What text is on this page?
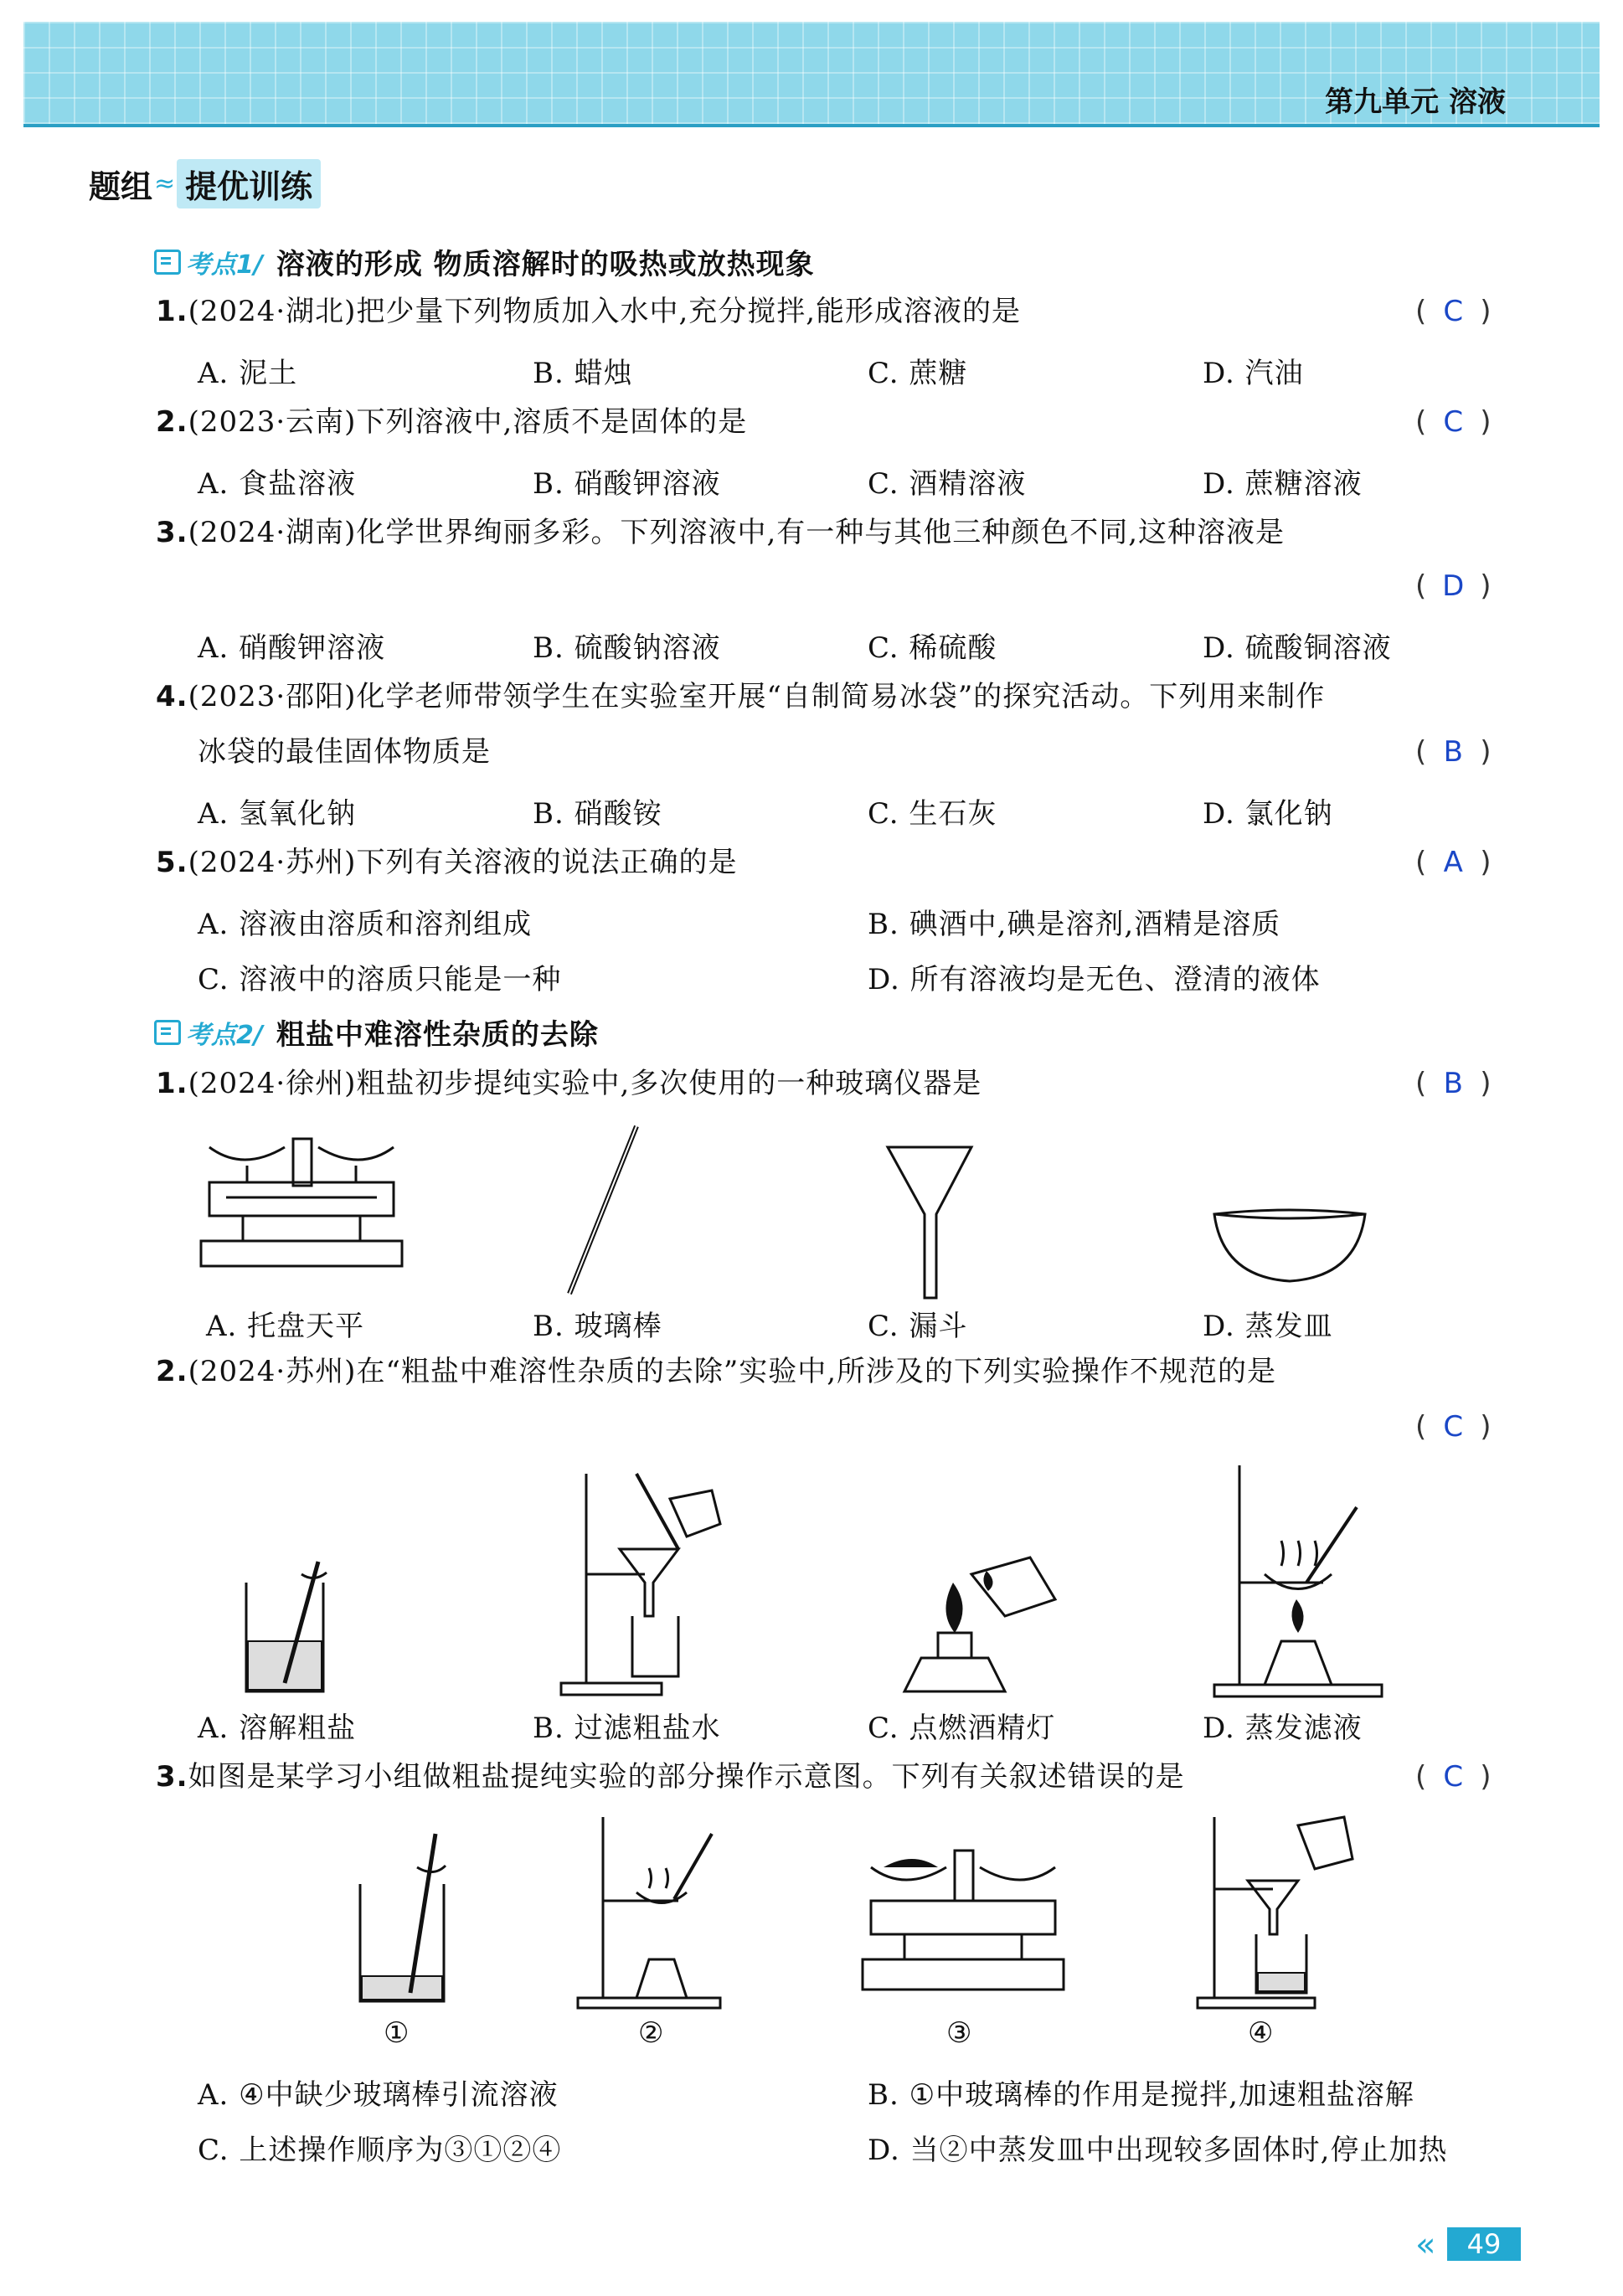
第九单元 溶液
题组 ≈ 提优训练
考点1/ 溶液的形成 物质溶解时的吸热或放热现象
1.(2024·湖北)把少量下列物质加入水中,充分搅拌,能形成溶液的是	( C )
A. 泥土	B. 蜡烛	C. 蔗糖	D. 汽油
2.(2023·云南)下列溶液中,溶质不是固体的是	( C )
A. 食盐溶液	B. 硝酸钾溶液	C. 酒精溶液	D. 蔗糖溶液
3.(2024·湖南)化学世界绚丽多彩。下列溶液中,有一种与其他三种颜色不同,这种溶液是
( D )
A. 硝酸钾溶液	B. 硫酸钠溶液	C. 稀硫酸	D. 硫酸铜溶液
4.(2023·邵阳)化学老师带领学生在实验室开展“自制简易冰袋”的探究活动。下列用来制作
冰袋的最佳固体物质是	( B )
A. 氢氧化钠	B. 硝酸铵	C. 生石灰	D. 氯化钠
5.(2024·苏州)下列有关溶液的说法正确的是	( A )
A. 溶液由溶质和溶剂组成	B. 碘酒中,碘是溶剂,酒精是溶质
C. 溶液中的溶质只能是一种	D. 所有溶液均是无色、澄清的液体
考点2/ 粗盐中难溶性杂质的去除
1.(2024·徐州)粗盐初步提纯实验中,多次使用的一种玻璃仪器是	( B )
A. 托盘天平	B. 玻璃棒	C. 漏斗	D. 蒸发皿
2.(2024·苏州)在“粗盐中难溶性杂质的去除”实验中,所涉及的下列实验操作不规范的是
( C )
A. 溶解粗盐	B. 过滤粗盐水	C. 点燃酒精灯	D. 蒸发滤液
3.如图是某学习小组做粗盐提纯实验的部分操作示意图。下列有关叙述错误的是	( C )
①	②	③	④
A. ④中缺少玻璃棒引流溶液	B. ①中玻璃棒的作用是搅拌,加速粗盐溶解
C. 上述操作顺序为③①②④	D. 当②中蒸发皿中出现较多固体时,停止加热
«	49
